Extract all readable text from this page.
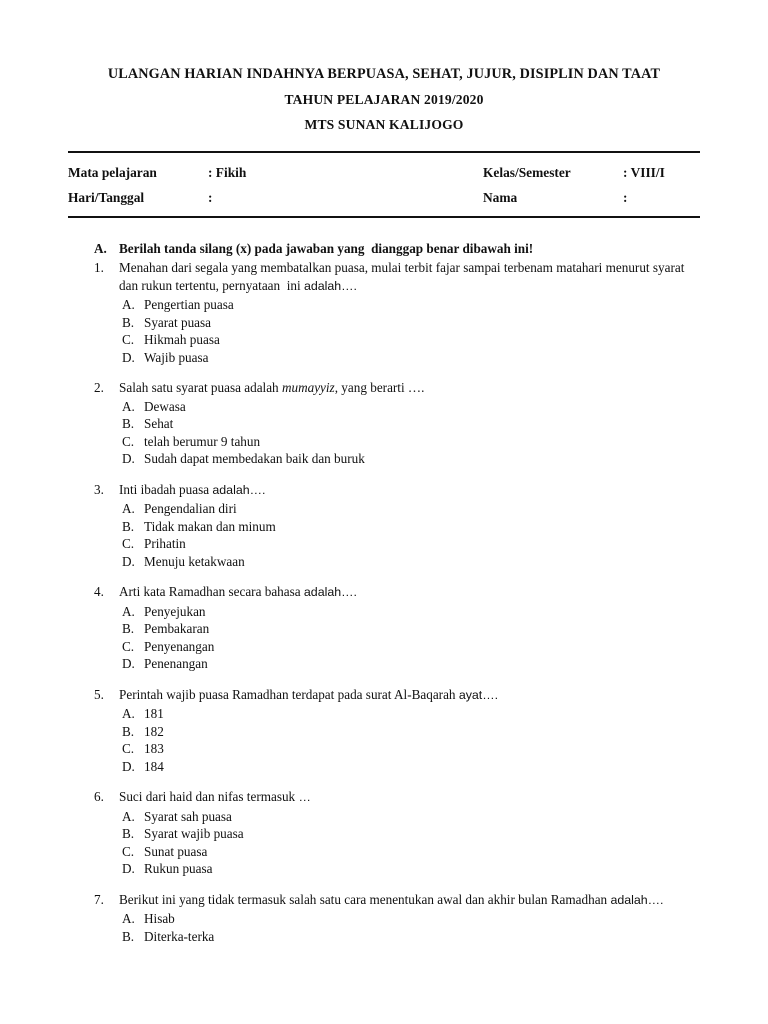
ULANGAN HARIAN INDAHNYA BERPUASA, SEHAT, JUJUR, DISIPLIN DAN TAAT
TAHUN PELAJARAN 2019/2020
MTS SUNAN KALIJOGO
Mata pelajaran	: Fikih	Kelas/Semester	: VIII/I
Hari/Tanggal	:	Nama	:
A. Berilah tanda silang (x) pada jawaban yang  dianggap benar dibawah ini!
1.	Menahan dari segala yang membatalkan puasa, mulai terbit fajar sampai terbenam matahari menurut syarat dan rukun tertentu, pernyataan  ini adalah….
A. Pengertian puasa
B. Syarat puasa
C. Hikmah puasa
D. Wajib puasa
2.	Salah satu syarat puasa adalah mumayyiz, yang berarti ….
A. Dewasa
B. Sehat
C. telah berumur 9 tahun
D. Sudah dapat membedakan baik dan buruk
3.	Inti ibadah puasa adalah….
A. Pengendalian diri
B. Tidak makan dan minum
C. Prihatin
D. Menuju ketakwaan
4.	Arti kata Ramadhan secara bahasa adalah….
A. Penyejukan
B. Pembakaran
C. Penyenangan
D. Penenangan
5.	Perintah wajib puasa Ramadhan terdapat pada surat Al-Baqarah ayat….
A. 181
B. 182
C. 183
D. 184
6.	Suci dari haid dan nifas termasuk …
A. Syarat sah puasa
B. Syarat wajib puasa
C. Sunat puasa
D. Rukun puasa
7.	Berikut ini yang tidak termasuk salah satu cara menentukan awal dan akhir bulan Ramadhan adalah….
A. Hisab
B. Diterka-terka
